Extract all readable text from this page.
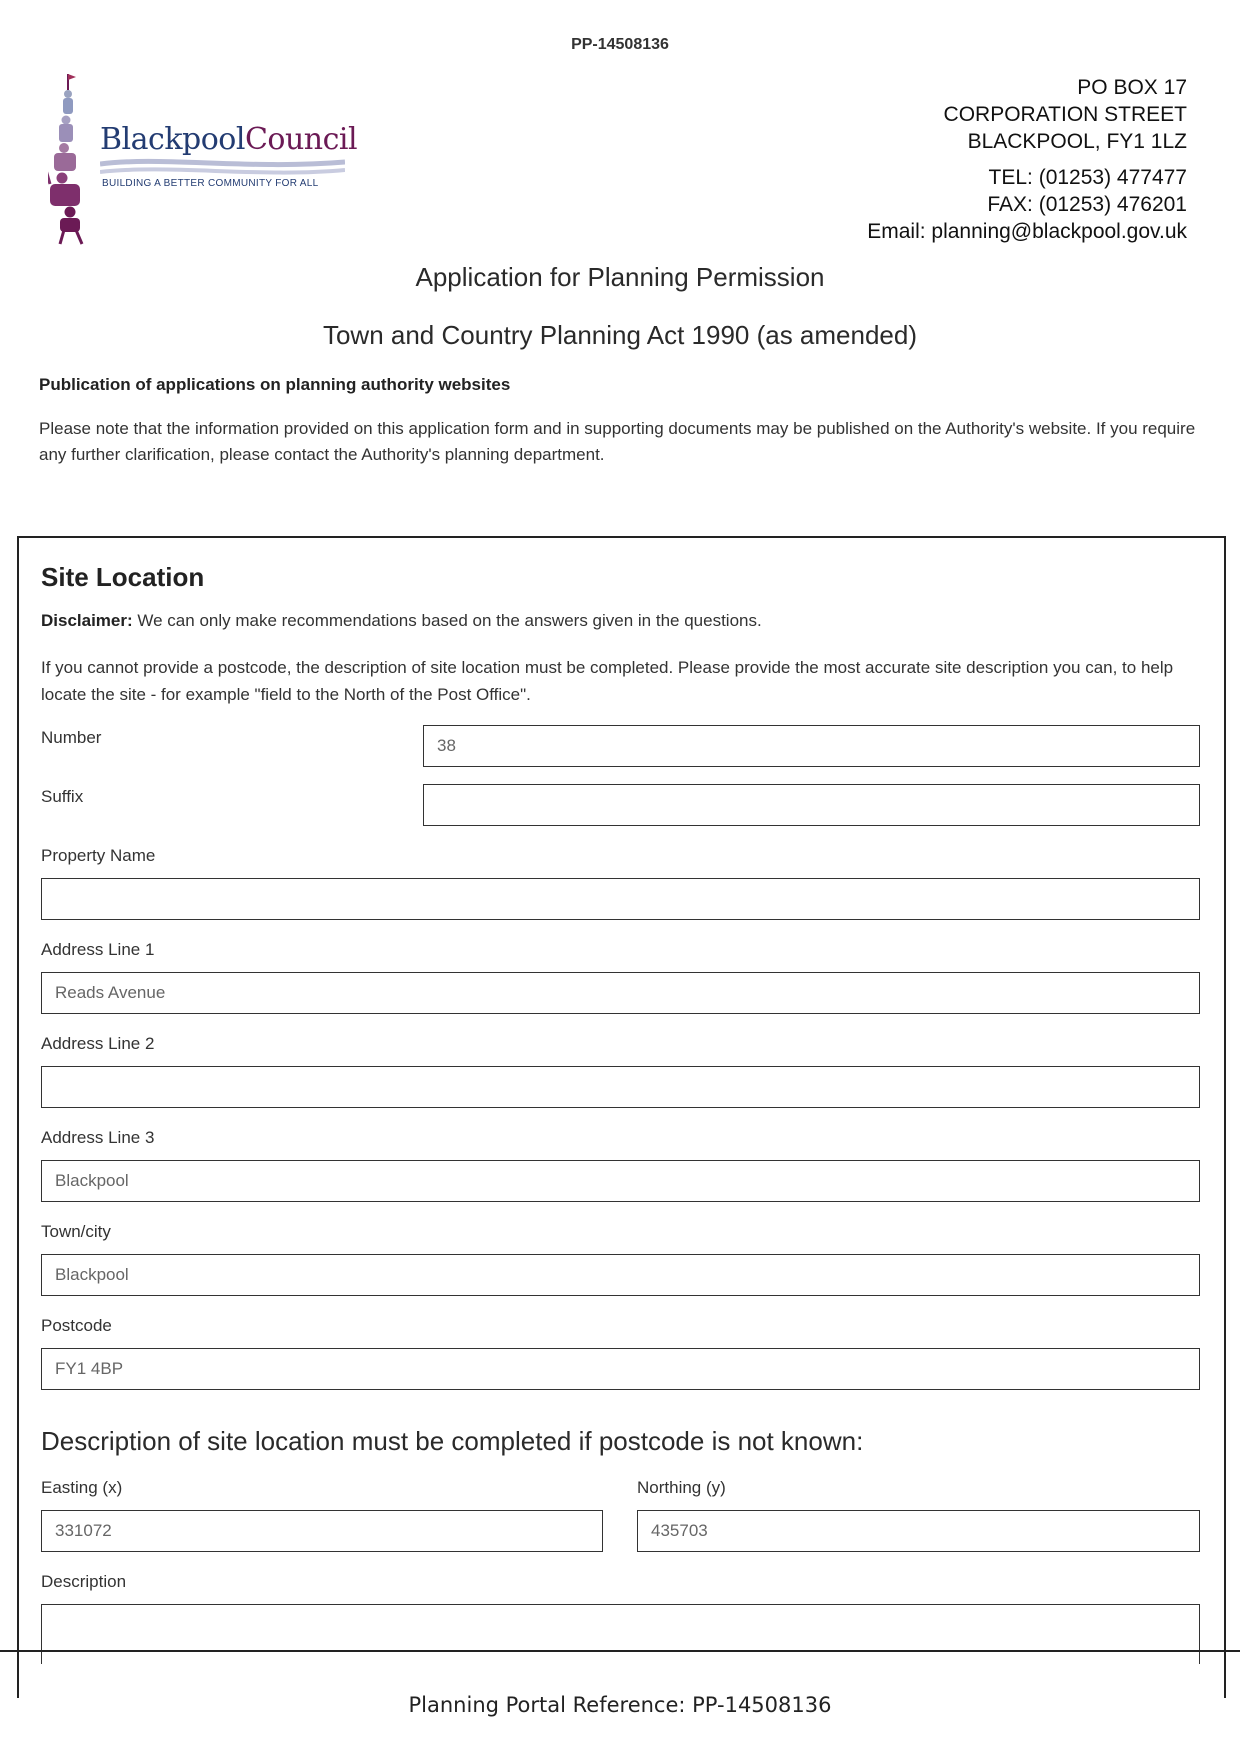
PP-14508136
BlackpoolCouncil
BUILDING A BETTER COMMUNITY FOR ALL
PO BOX 17
CORPORATION STREET
BLACKPOOL, FY1 1LZ
TEL: (01253) 477477
FAX: (01253) 476201
Email: planning@blackpool.gov.uk
Application for Planning Permission
Town and Country Planning Act 1990 (as amended)
Publication of applications on planning authority websites
Please note that the information provided on this application form and in supporting documents may be published on the Authority's website. If you require any further clarification, please contact the Authority's planning department.
Site Location
Disclaimer: We can only make recommendations based on the answers given in the questions.
If you cannot provide a postcode, the description of site location must be completed. Please provide the most accurate site description you can, to help locate the site - for example "field to the North of the Post Office".
Number	38
Suffix
Property Name
Address Line 1
Reads Avenue
Address Line 2
Address Line 3
Blackpool
Town/city
Blackpool
Postcode
FY1 4BP
Description of site location must be completed if postcode is not known:
Easting (x)
331072
Northing (y)
435703
Description
Planning Portal Reference: PP-14508136
